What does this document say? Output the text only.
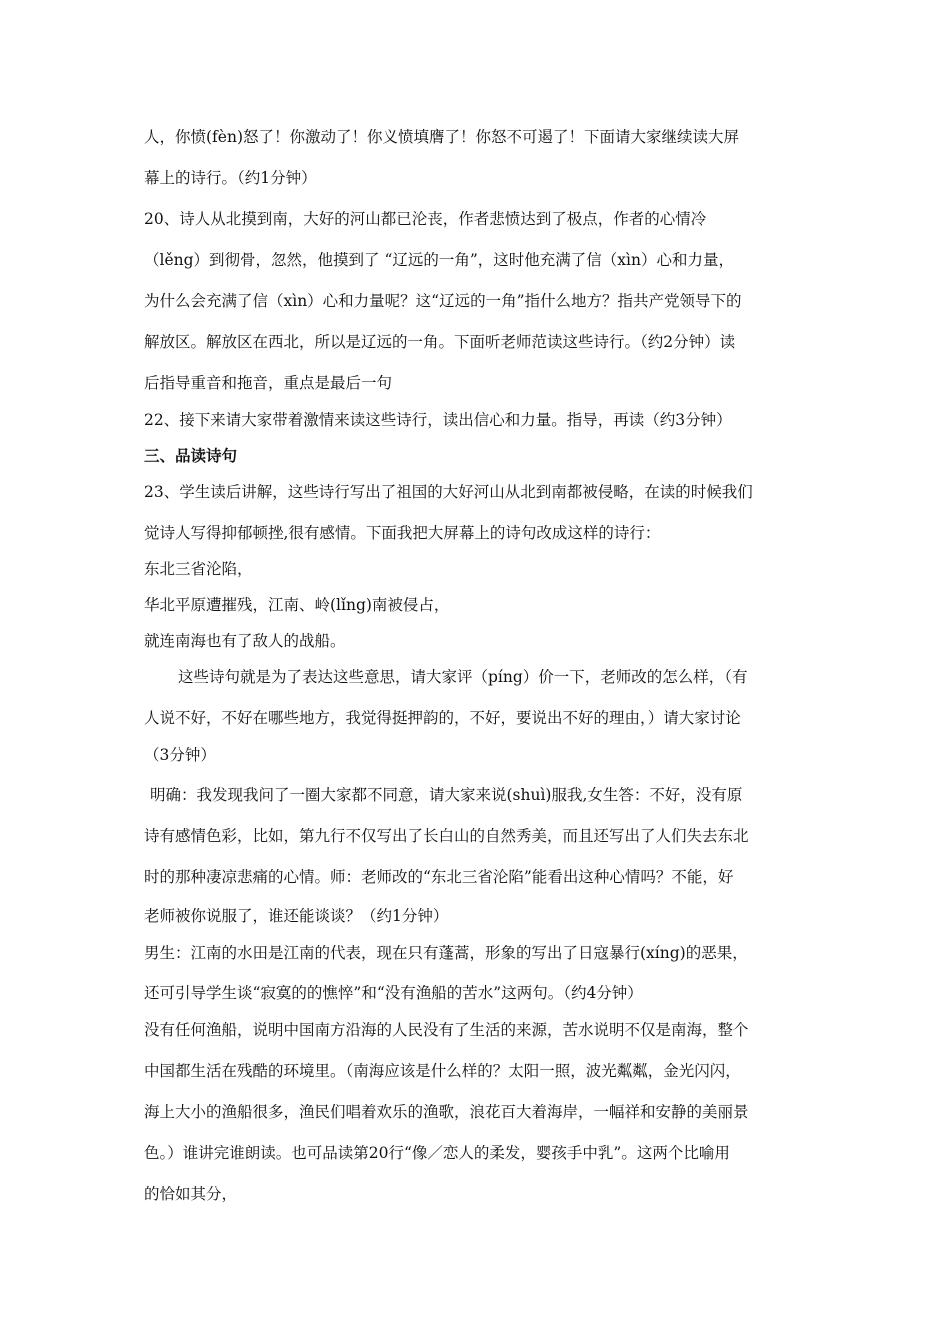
人，你愤(fèn)怒了！你激动了！你义愤填膺了！你怒不可遏了！下面请大家继续读大屏
幕上的诗行。（约1分钟）
20、诗人从北摸到南，大好的河山都已沦丧，作者悲愤达到了极点，作者的心情冷
（lěng）到彻骨，忽然，他摸到了 “辽远的一角”，这时他充满了信（xìn）心和力量，
为什么会充满了信（xìn）心和力量呢？这“辽远的一角”指什么地方？指共产党领导下的
解放区。解放区在西北，所以是辽远的一角。下面听老师范读这些诗行。（约2分钟）读
后指导重音和拖音，重点是最后一句
22、接下来请大家带着激情来读这些诗行，读出信心和力量。指导，再读（约3分钟）
三、品读诗句
23、学生读后讲解，这些诗行写出了祖国的大好河山从北到南都被侵略，在读的时候我们
觉诗人写得抑郁顿挫,很有感情。下面我把大屏幕上的诗句改成这样的诗行：
东北三省沦陷，
华北平原遭摧残，江南、岭(lǐng)南被侵占，
就连南海也有了敌人的战船。
这些诗句就是为了表达这些意思，请大家评（píng）价一下，老师改的怎么样，（有
人说不好，不好在哪些地方，我觉得挺押韵的，不好，要说出不好的理由，）请大家讨论
（3分钟）
明确：我发现我问了一圈大家都不同意，请大家来说(shuì)服我,女生答：不好，没有原
诗有感情色彩，比如，第九行不仅写出了长白山的自然秀美，而且还写出了人们失去东北
时的那种凄凉悲痛的心情。师：老师改的“东北三省沦陷”能看出这种心情吗？不能，好
老师被你说服了，谁还能谈谈？（约1分钟）
男生：江南的水田是江南的代表，现在只有蓬蒿，形象的写出了日寇暴行(xíng)的恶果，
还可引导学生谈“寂寞的的憔悴”和“没有渔船的苦水”这两句。（约4分钟）
没有任何渔船，说明中国南方沿海的人民没有了生活的来源，苦水说明不仅是南海，整个
中国都生活在残酷的环境里。（南海应该是什么样的？太阳一照，波光粼粼，金光闪闪，
海上大小的渔船很多，渔民们唱着欢乐的渔歌，浪花百大着海岸，一幅祥和安静的美丽景
色。）谁讲完谁朗读。也可品读第20行“像／恋人的柔发，婴孩手中乳”。这两个比喻用
的恰如其分，
